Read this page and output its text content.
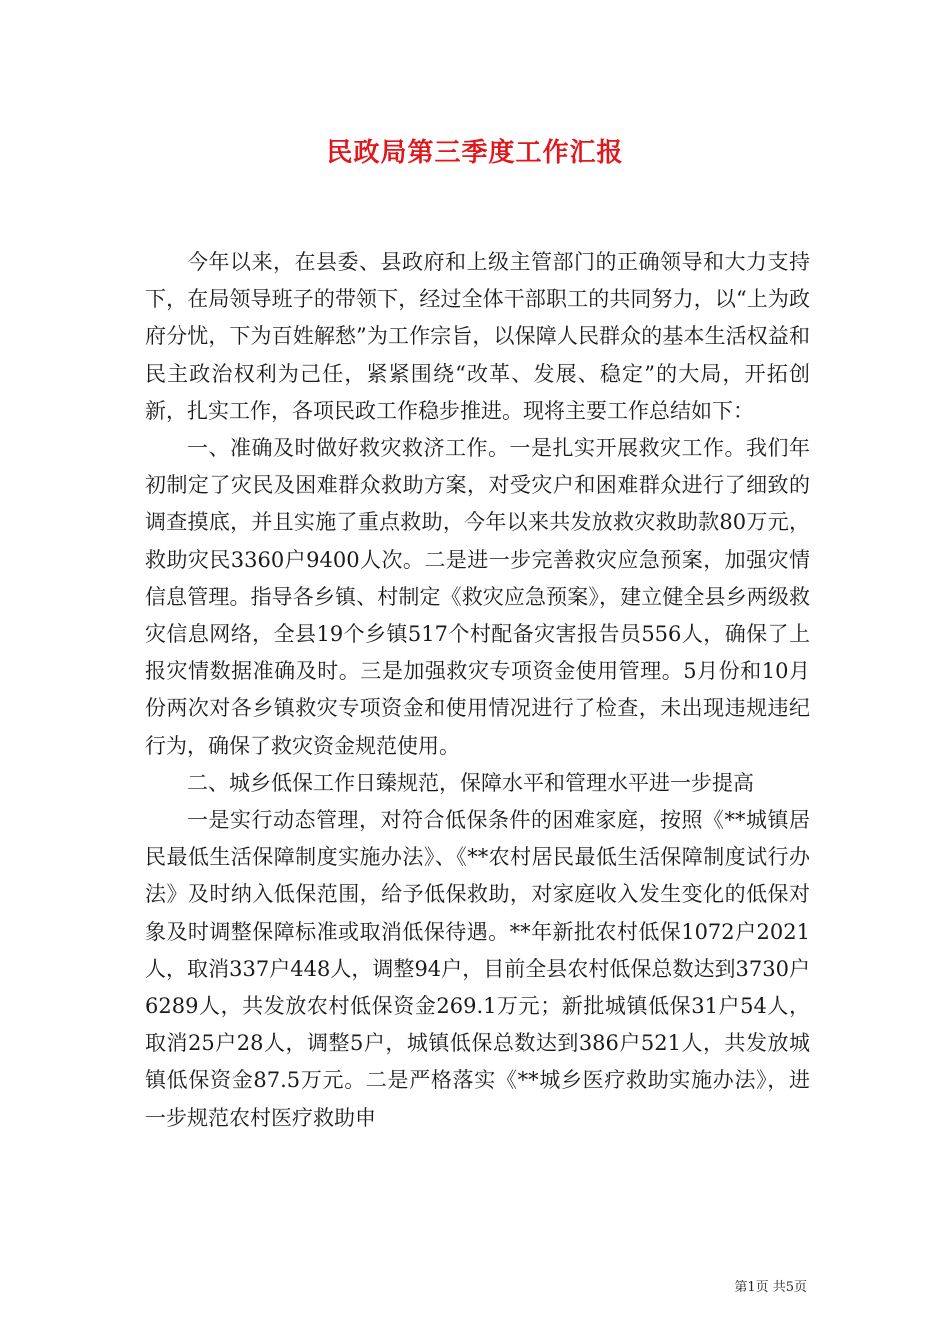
民政局第三季度工作汇报

今年以来，在县委、县政府和上级主管部门的正确领导和大力支持下，在局领导班子的带领下，经过全体干部职工的共同努力，以“上为政府分忧，下为百姓解愁”为工作宗旨，以保障人民群众的基本生活权益和民主政治权利为己任，紧紧围绕“改革、发展、稳定”的大局，开拓创新，扎实工作，各项民政工作稳步推进。现将主要工作总结如下：

一、准确及时做好救灾救济工作。一是扎实开展救灾工作。我们年初制定了灾民及困难群众救助方案，对受灾户和困难群众进行了细致的调查摸底，并且实施了重点救助，今年以来共发放救灾救助款80万元，救助灾民3360户9400人次。二是进一步完善救灾应急预案，加强灾情信息管理。指导各乡镇、村制定《救灾应急预案》，建立健全县乡两级救灾信息网络，全县19个乡镇517个村配备灾害报告员556人，确保了上报灾情数据准确及时。三是加强救灾专项资金使用管理。5月份和10月份两次对各乡镇救灾专项资金和使用情况进行了检查，未出现违规违纪行为，确保了救灾资金规范使用。

二、城乡低保工作日臻规范，保障水平和管理水平进一步提高

一是实行动态管理，对符合低保条件的困难家庭，按照《**城镇居民最低生活保障制度实施办法》、《**农村居民最低生活保障制度试行办法》及时纳入低保范围，给予低保救助，对家庭收入发生变化的低保对象及时调整保障标准或取消低保待遇。**年新批农村低保1072户2021人，取消337户448人，调整94户，目前全县农村低保总数达到3730户6289人，共发放农村低保资金269.1万元；新批城镇低保31户54人，取消25户28人，调整5户，城镇低保总数达到386户521人，共发放城镇低保资金87.5万元。二是严格落实《**城乡医疗救助实施办法》，进一步规范农村医疗救助申

第1页 共5页
